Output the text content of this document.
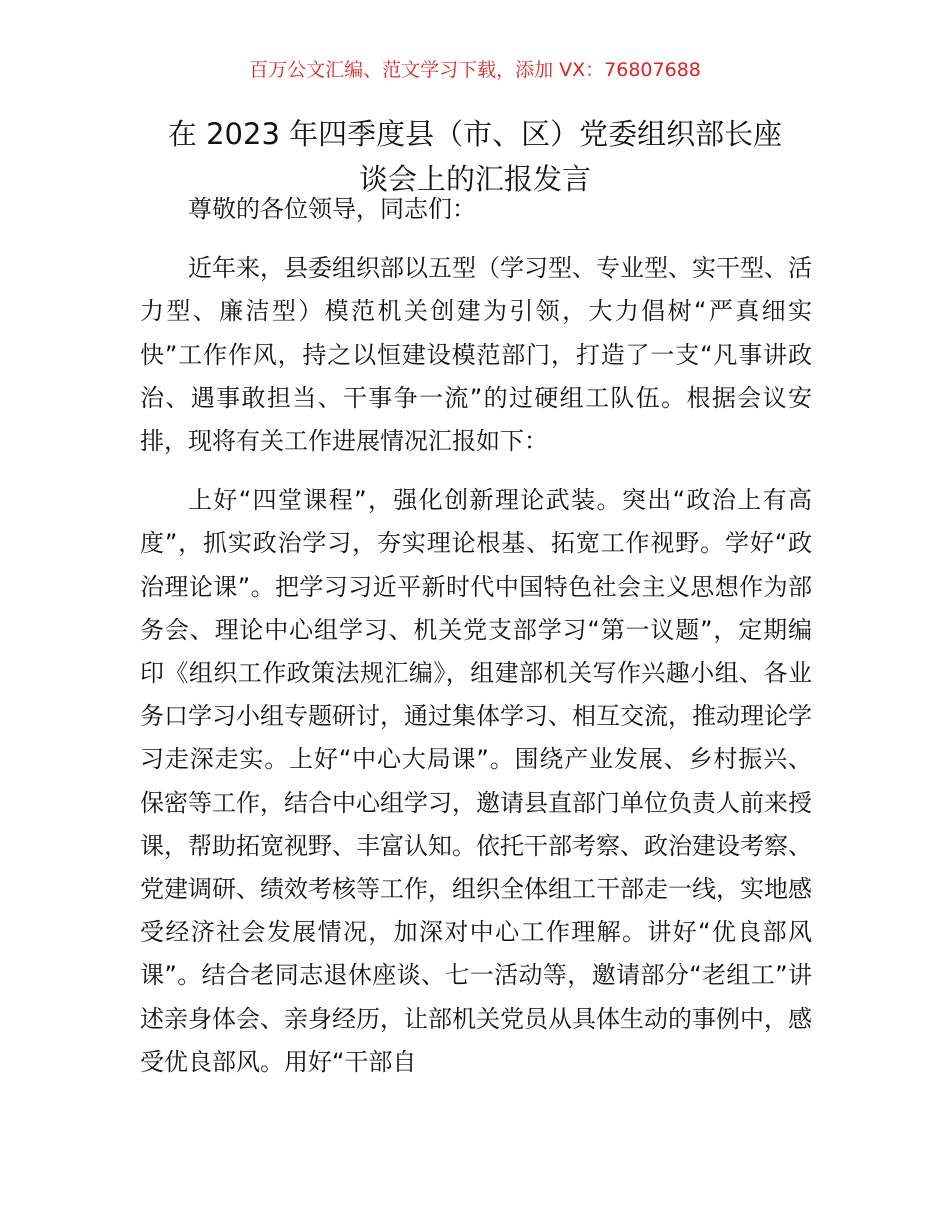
百万公文汇编、范文学习下载，添加 VX：76807688
在 2023 年四季度县（市、区）党委组织部长座
谈会上的汇报发言

尊敬的各位领导，同志们：

近年来，县委组织部以五型（学习型、专业型、实干型、活力型、廉洁型）模范机关创建为引领，大力倡树“严真细实快”工作作风，持之以恒建设模范部门，打造了一支“凡事讲政治、遇事敢担当、干事争一流”的过硬组工队伍。根据会议安排，现将有关工作进展情况汇报如下：

上好“四堂课程”，强化创新理论武装。突出“政治上有高度”，抓实政治学习，夯实理论根基、拓宽工作视野。学好“政治理论课”。把学习习近平新时代中国特色社会主义思想作为部务会、理论中心组学习、机关党支部学习“第一议题”，定期编印《组织工作政策法规汇编》，组建部机关写作兴趣小组、各业务口学习小组专题研讨，通过集体学习、相互交流，推动理论学习走深走实。上好“中心大局课”。围绕产业发展、乡村振兴、保密等工作，结合中心组学习，邀请县直部门单位负责人前来授课，帮助拓宽视野、丰富认知。依托干部考察、政治建设考察、党建调研、绩效考核等工作，组织全体组工干部走一线，实地感受经济社会发展情况，加深对中心工作理解。讲好“优良部风课”。结合老同志退休座谈、七一活动等，邀请部分“老组工”讲述亲身体会、亲身经历，让部机关党员从具体生动的事例中，感受优良部风。用好“干部自
